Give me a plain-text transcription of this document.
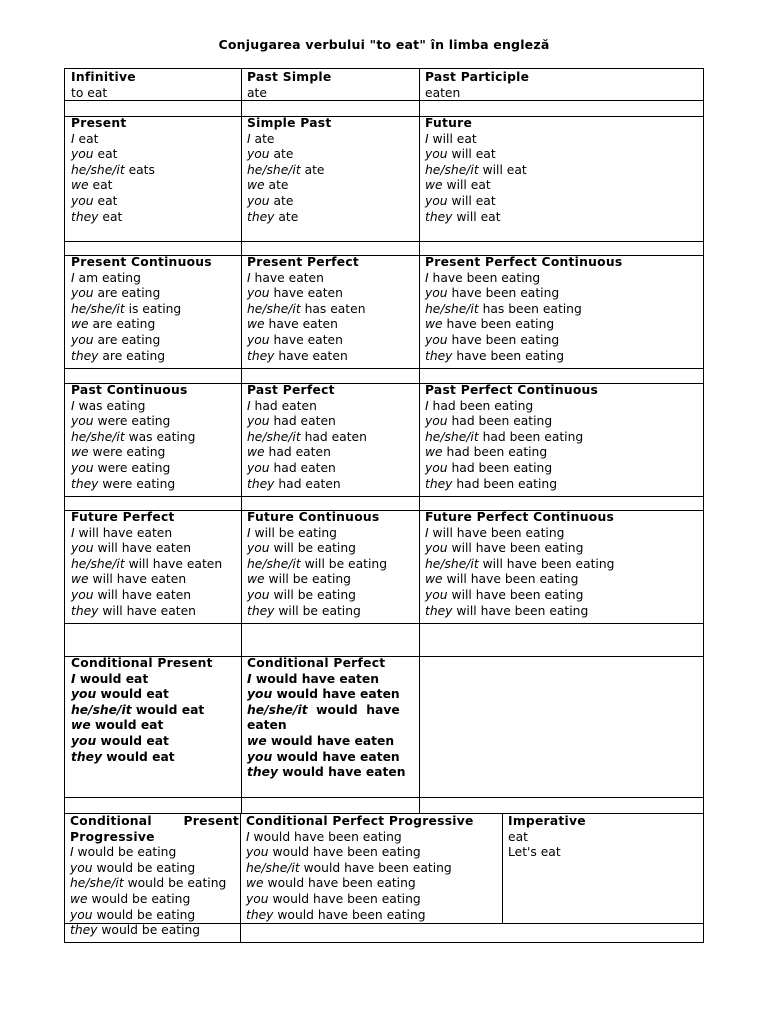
Conjugarea verbului "to eat" în limba engleză
Infinitive
to eat
Past Simple
ate
Past Participle
eaten
Present
I eat
you eat
he/she/it eats
we eat
you eat
they eat
Simple Past
I ate
you ate
he/she/it ate
we ate
you ate
they ate
Future
I will eat
you will eat
he/she/it will eat
we will eat
you will eat
they will eat
Present Continuous
I am eating
you are eating
he/she/it is eating
we are eating
you are eating
they are eating
Present Perfect
I have eaten
you have eaten
he/she/it has eaten
we have eaten
you have eaten
they have eaten
Present Perfect Continuous
I have been eating
you have been eating
he/she/it has been eating
we have been eating
you have been eating
they have been eating
Past Continuous
I was eating
you were eating
he/she/it was eating
we were eating
you were eating
they were eating
Past Perfect
I had eaten
you had eaten
he/she/it had eaten
we had eaten
you had eaten
they had eaten
Past Perfect Continuous
I had been eating
you had been eating
he/she/it had been eating
we had been eating
you had been eating
they had been eating
Future Perfect
I will have eaten
you will have eaten
he/she/it will have eaten
we will have eaten
you will have eaten
they will have eaten
Future Continuous
I will be eating
you will be eating
he/she/it will be eating
we will be eating
you will be eating
they will be eating
Future Perfect Continuous
I will have been eating
you will have been eating
he/she/it will have been eating
we will have been eating
you will have been eating
they will have been eating
Conditional Present
I would eat
you would eat
he/she/it would eat
we would eat
you would eat
they would eat
Conditional Perfect
I would have eaten
you would have eaten
he/she/it  would  have
eaten
we would have eaten
you would have eaten
they would have eaten
Conditional       Present
Progressive
I would be eating
you would be eating
he/she/it would be eating
we would be eating
you would be eating
they would be eating
Conditional Perfect Progressive
I would have been eating
you would have been eating
he/she/it would have been eating
we would have been eating
you would have been eating
they would have been eating
Imperative
eat
Let's eat
